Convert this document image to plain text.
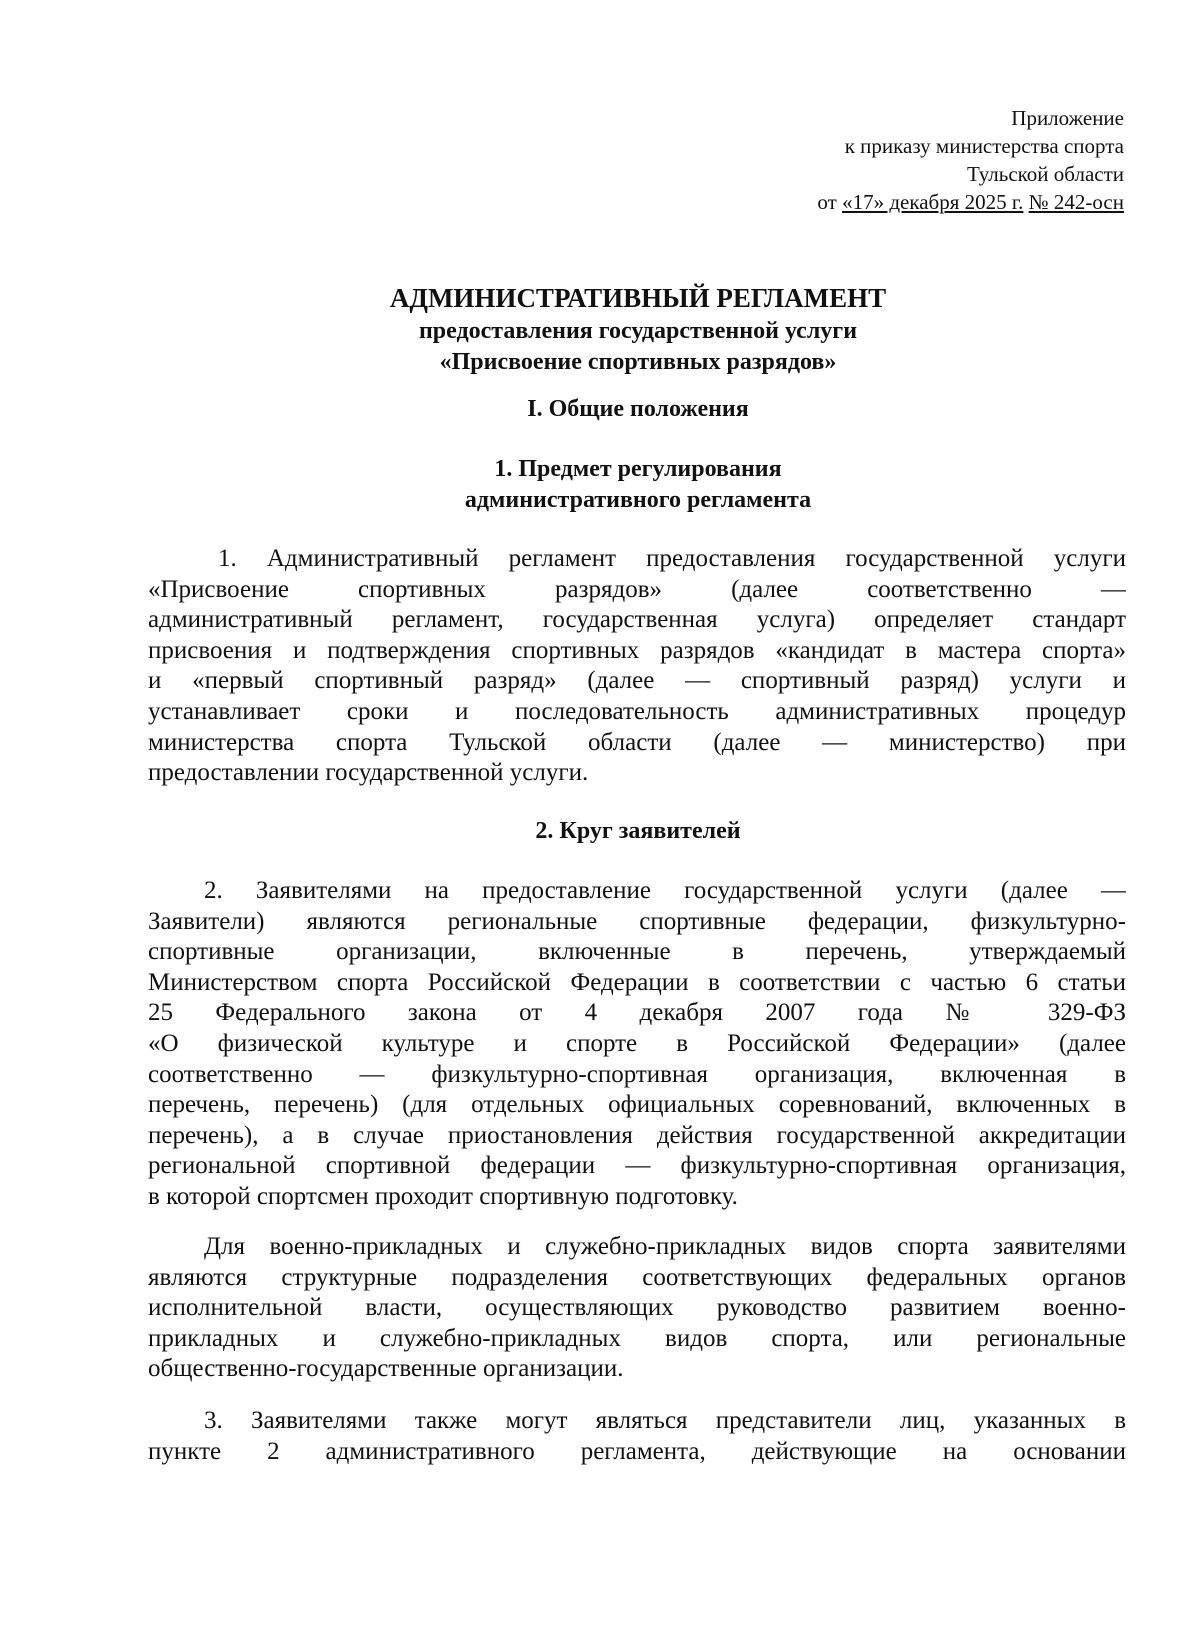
Приложение
к приказу министерства спорта
Тульской области
от «17» декабря 2025 г. № 242-осн
АДМИНИСТРАТИВНЫЙ РЕГЛАМЕНТ
предоставления государственной услуги
«Присвоение спортивных разрядов»
I. Общие положения
1. Предмет регулирования
административного регламента
1. Административный регламент предоставления государственной услуги
«Присвоение спортивных разрядов» (далее соответственно —
административный регламент, государственная услуга) определяет стандарт
присвоения и подтверждения спортивных разрядов «кандидат в мастера спорта»
и «первый спортивный разряд» (далее — спортивный разряд) услуги и
устанавливает сроки и последовательность административных процедур
министерства спорта Тульской области (далее — министерство) при
предоставлении государственной услуги.
2. Круг заявителей
2. Заявителями на предоставление государственной услуги (далее —
Заявители) являются региональные спортивные федерации, физкультурно-
спортивные организации, включенные в перечень, утверждаемый
Министерством спорта Российской Федерации в соответствии с частью 6 статьи
25 Федерального закона от 4 декабря 2007 года № 329-ФЗ
«О физической культуре и спорте в Российской Федерации» (далее
соответственно — физкультурно-спортивная организация, включенная в
перечень, перечень) (для отдельных официальных соревнований, включенных в
перечень), а в случае приостановления действия государственной аккредитации
региональной спортивной федерации — физкультурно-спортивная организация,
в которой спортсмен проходит спортивную подготовку.
Для военно-прикладных и служебно-прикладных видов спорта заявителями
являются структурные подразделения соответствующих федеральных органов
исполнительной власти, осуществляющих руководство развитием военно-
прикладных и служебно-прикладных видов спорта, или региональные
общественно-государственные организации.
3. Заявителями также могут являться представители лиц, указанных в
пункте 2 административного регламента, действующие на основании
